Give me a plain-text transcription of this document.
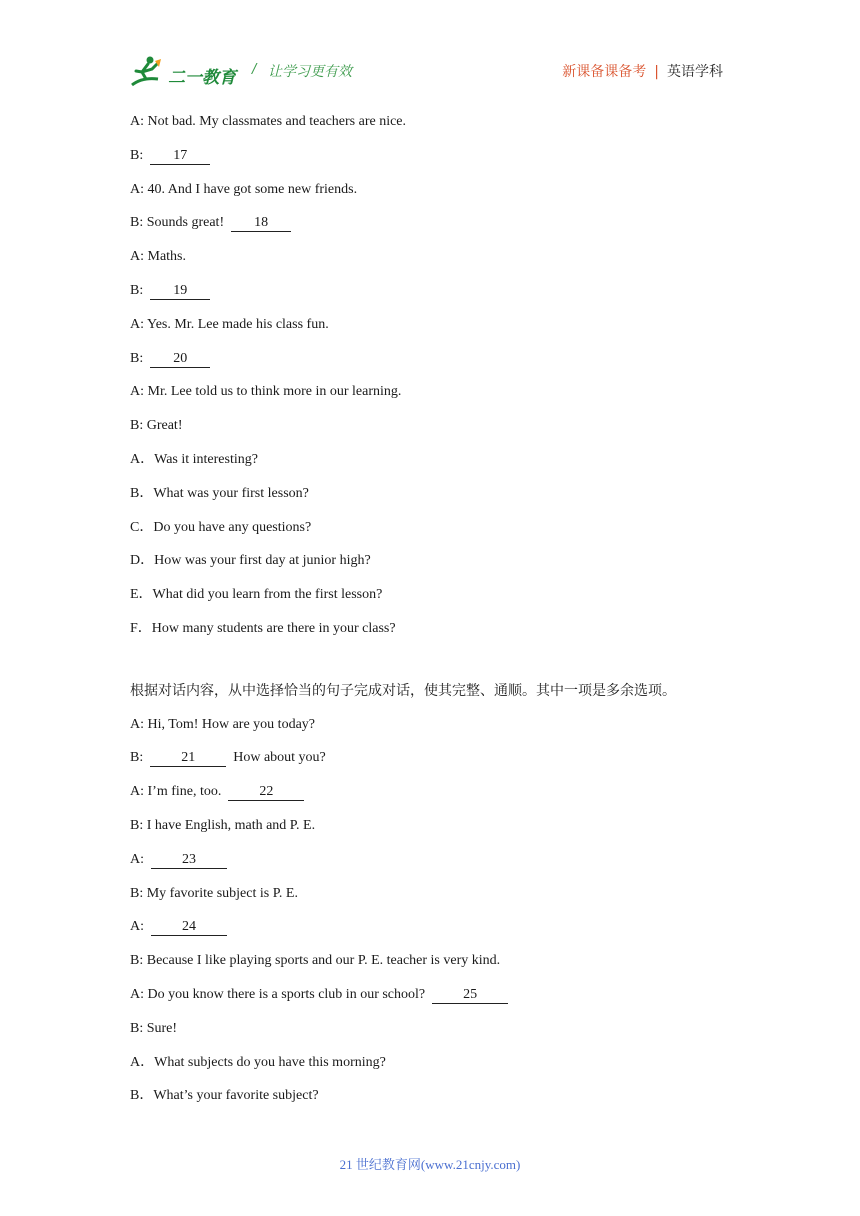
二一教育 / 让学习更有效	新课备课备考 | 英语学科
A: Not bad. My classmates and teachers are nice.
B:  17
A: 40. And I have got some new friends.
B: Sounds great!  18
A: Maths.
B:  19
A: Yes. Mr. Lee made his class fun.
B:  20
A: Mr. Lee told us to think more in our learning.
B: Great!
A．Was it interesting?
B．What was your first lesson?
C．Do you have any questions?
D．How was your first day at junior high?
E．What did you learn from the first lesson?
F．How many students are there in your class?
根据对话内容，从中选择恰当的句子完成对话，使其完整、通顺。其中一项是多余选项。
A: Hi, Tom! How are you today?
B:  21  How about you?
A: I’m fine, too.  22
B: I have English, math and P. E.
A:  23
B: My favorite subject is P. E.
A:  24
B: Because I like playing sports and our P. E. teacher is very kind.
A: Do you know there is a sports club in our school?  25
B: Sure!
A．What subjects do you have this morning?
B．What’s your favorite subject?
21 世纪教育网(www.21cnjy.com)
